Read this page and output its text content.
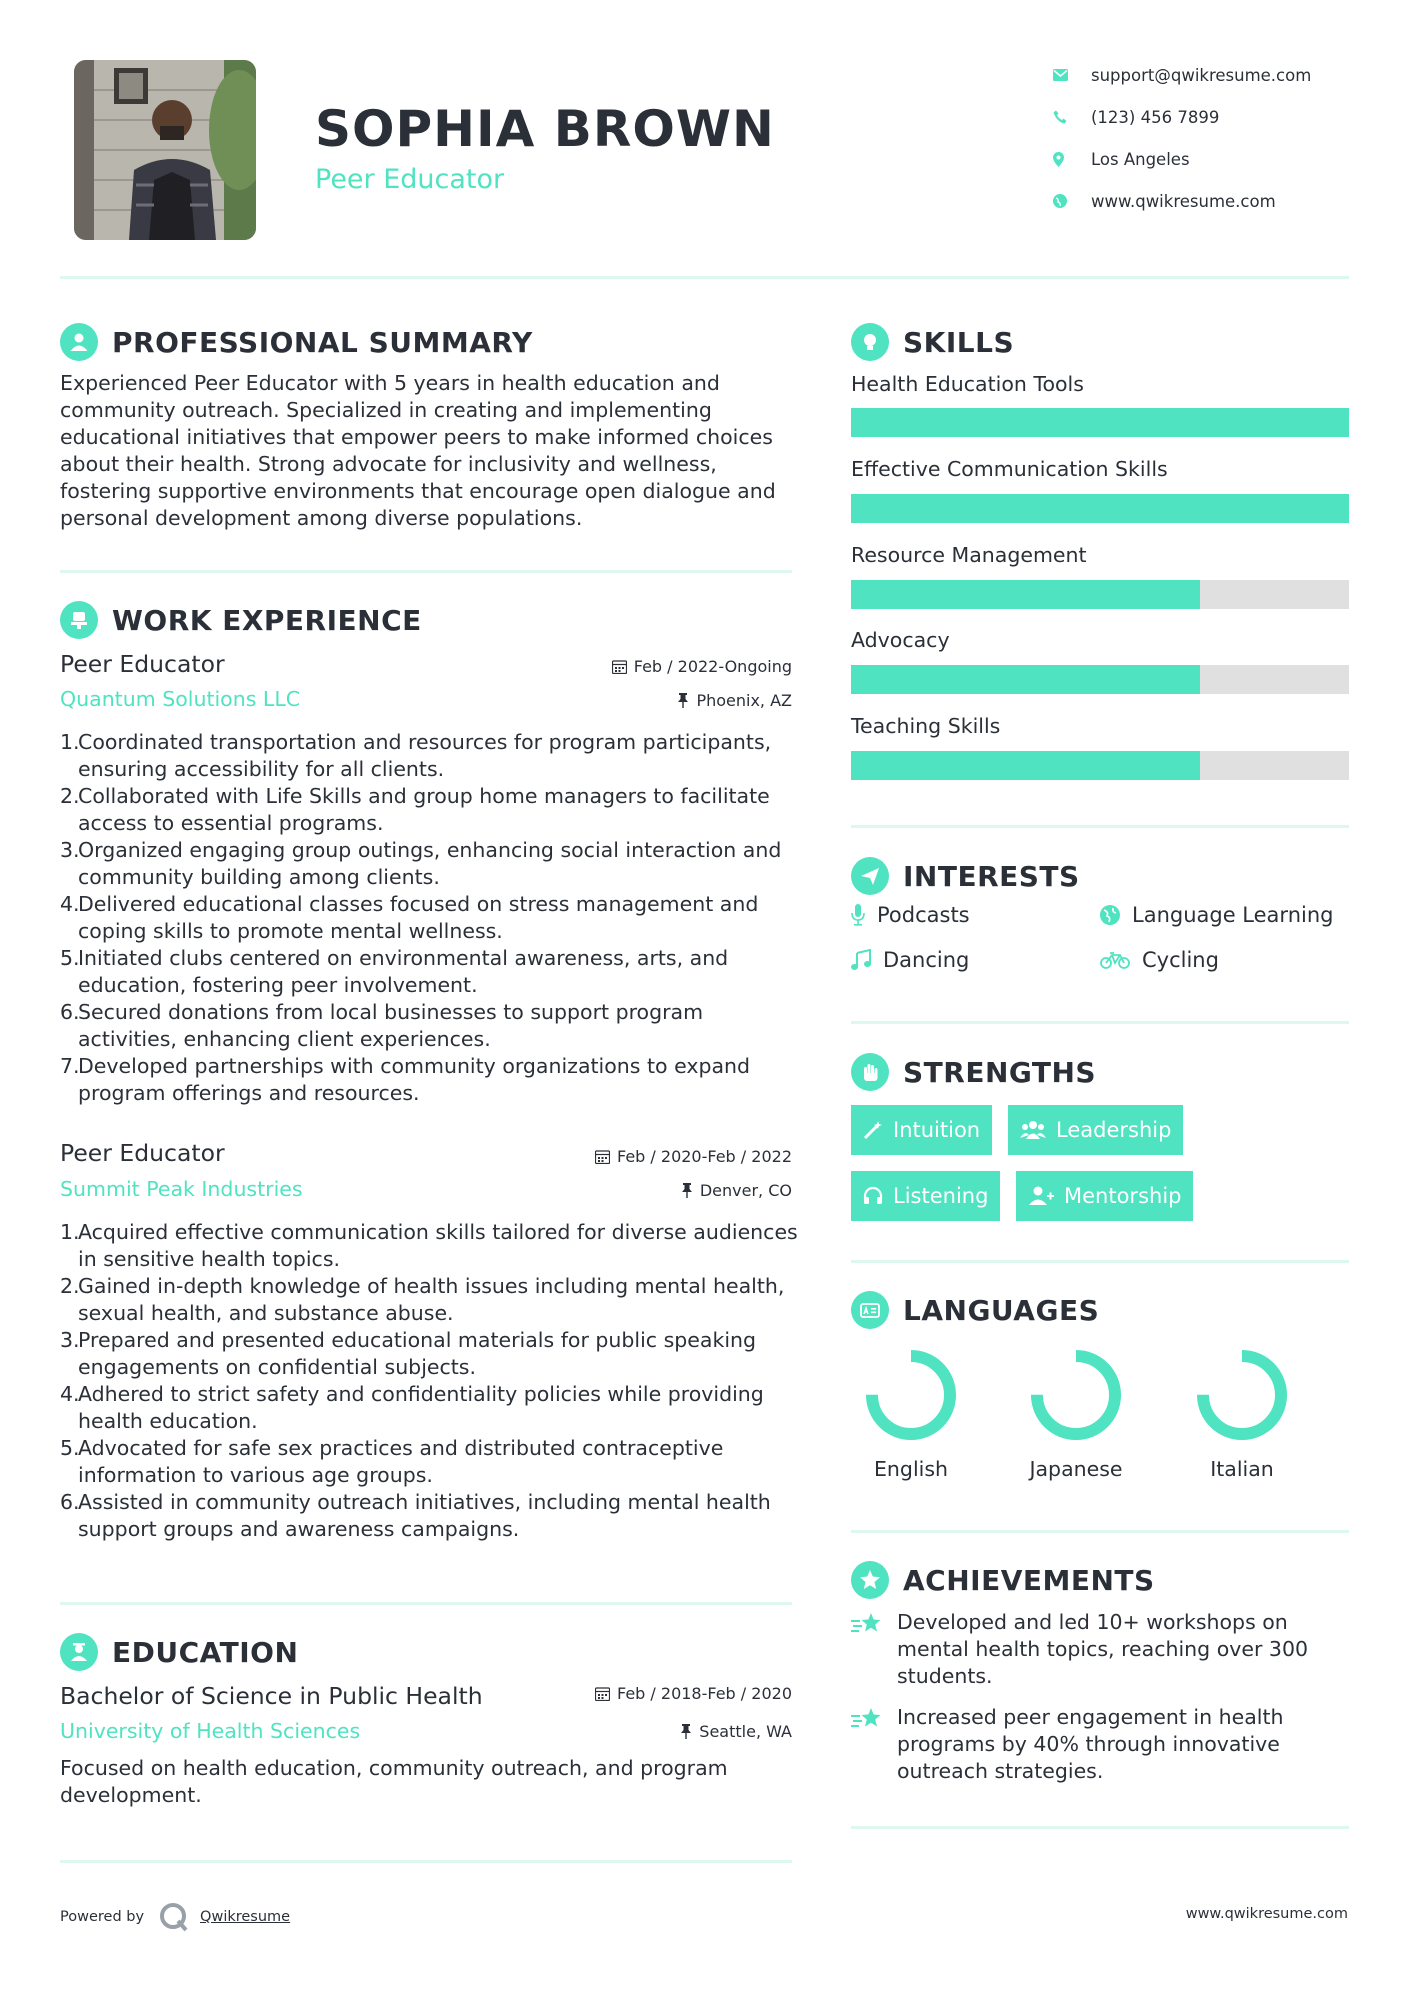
SOPHIA BROWN
Peer Educator
support@qwikresume.com
(123) 456 7899
Los Angeles
www.qwikresume.com
PROFESSIONAL SUMMARY
Experienced Peer Educator with 5 years in health education and community outreach. Specialized in creating and implementing educational initiatives that empower peers to make informed choices about their health. Strong advocate for inclusivity and wellness, fostering supportive environments that encourage open dialogue and personal development among diverse populations.
WORK EXPERIENCE
Peer Educator	Feb / 2022-Ongoing
Quantum Solutions LLC	Phoenix, AZ
1.
Coordinated transportation and resources for program participants, ensuring accessibility for all clients.
2.
Collaborated with Life Skills and group home managers to facilitate access to essential programs.
3.
Organized engaging group outings, enhancing social interaction and community building among clients.
4.
Delivered educational classes focused on stress management and coping skills to promote mental wellness.
5.
Initiated clubs centered on environmental awareness, arts, and education, fostering peer involvement.
6.
Secured donations from local businesses to support program activities, enhancing client experiences.
7.
Developed partnerships with community organizations to expand program offerings and resources.
Peer Educator	Feb / 2020-Feb / 2022
Summit Peak Industries	Denver, CO
1.
Acquired effective communication skills tailored for diverse audiences in sensitive health topics.
2.
Gained in-depth knowledge of health issues including mental health, sexual health, and substance abuse.
3.
Prepared and presented educational materials for public speaking engagements on confidential subjects.
4.
Adhered to strict safety and confidentiality policies while providing health education.
5.
Advocated for safe sex practices and distributed contraceptive information to various age groups.
6.
Assisted in community outreach initiatives, including mental health support groups and awareness campaigns.
EDUCATION
Bachelor of Science in Public Health	Feb / 2018-Feb / 2020
University of Health Sciences	Seattle, WA
Focused on health education, community outreach, and program development.
SKILLS
Health Education Tools
Effective Communication Skills
Resource Management
Advocacy
Teaching Skills
INTERESTS
Podcasts	Language Learning
Dancing	Cycling
STRENGTHS
Intuition	Leadership
Listening	Mentorship
LANGUAGES
English	Japanese	Italian
ACHIEVEMENTS
Developed and led 10+ workshops on mental health topics, reaching over 300 students.
Increased peer engagement in health programs by 40% through innovative outreach strategies.
Powered by	Qwikresume	www.qwikresume.com
